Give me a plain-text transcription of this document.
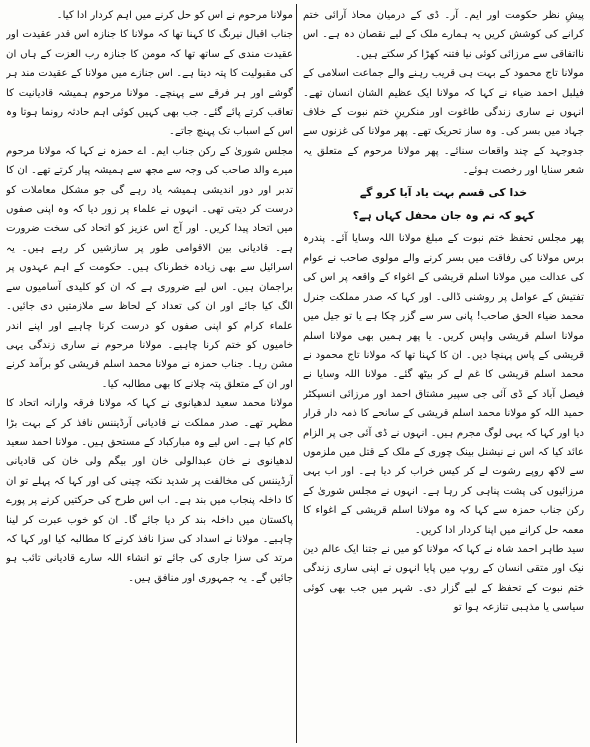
پیشِ نظر حکومت اور ایم۔ آر۔ ڈی کے درمیان محاذ آرائی ختم کرانے کی کوشش کریں یہ ہمارے ملک کے لیے نقصان دہ ہے۔ اس نااتفاقی سے مرزائی کوئی نیا فتنہ کھڑا کر سکتے ہیں۔

مولانا تاج محمود کے بہت ہی قریب رہنے والے جماعت اسلامی کے فیلبل احمد ضیاء نے کہا کہ مولانا ایک عظیم الشان انسان تھے۔ انہوں نے ساری زندگی طاغوت اور منکرینِ ختم نبوت کے خلاف جہاد میں بسر کی۔ وہ ساز تحریک تھے۔ پھر مولانا کی غزنوں سے جدوجہد کے چند واقعات سنائے۔ پھر مولانا مرحوم کے متعلق یہ شعر سنایا اور رخصت ہوئے۔

خدا کی قسم بہت یاد آیا کرو گے

کہو کہ تم وہ جان محفل کہاں ہے؟

پھر مجلس تحفظ ختم نبوت کے مبلغ مولانا اللہ وسایا آئے۔ پندرہ برس مولانا کی رفاقت میں بسر کرنے والے مولوی صاحب نے عوام کی عدالت میں مولانا اسلم قریشی کے اغواء کے واقعہ پر اس کی تفتیش کے عوامل پر روشنی ڈالی۔ اور کہا کہ صدر مملکت جنرل محمد ضیاء الحق صاحب! پانی سر سے گزر چکا ہے یا تو جیل میں مولانا اسلم قریشی واپس کریں۔ یا پھر ہمیں بھی مولانا اسلم قریشی کے پاس پہنچا دیں۔ ان کا کہنا تھا کہ مولانا تاج محمود نے محمد اسلم قریشی کا غم لے کر بیٹھ گئے۔ مولانا اللہ وسایا نے فیصل آباد کے ڈی آئی جی سپیر مشتاق احمد اور مرزائی انسپکٹر حمید اللہ کو مولانا محمد اسلم قریشی کے سانحے کا ذمہ دار قرار دیا اور کہا کہ یہی لوگ مجرم ہیں۔ انہوں نے ڈی آئی جی پر الزام عائد کیا کہ اس نے نیشنل بینک چوری کے ملک کے قتل میں ملزموں سے لاکھ روپے رشوت لے کر کیس خراب کر دیا ہے۔ اور اب یہی مرزائیوں کی پشت پناہی کر رہا ہے۔ انہوں نے مجلس شوریٰ کے رکن جناب حمزہ سے کہا کہ وہ مولانا اسلم قریشی کے اغواء کا معمہ حل کرانے میں اپنا کردار ادا کریں۔

سید طاہر احمد شاہ نے کہا کہ مولانا کو میں نے جتنا ایک عالم دین نیک اور متقی انسان کے روپ میں پایا انہوں نے اپنی ساری زندگی ختم نبوت کے تحفظ کے لیے گزار دی۔ شہر میں جب بھی کوئی سیاسی یا مذہبی تنازعہ ہوا تو

مولانا مرحوم نے اس کو حل کرنے میں اہم کردار ادا کیا۔

جناب اقبال نیرنگ کا کہنا تھا کہ مولانا کا جنازہ اس قدر عقیدت اور عقیدت مندی کے ساتھ تھا کہ مومن کا جنازہ رب العزت کے ہاں ان کی مقبولیت کا پتہ دیتا ہے۔ اس جنازے میں مولانا کے عقیدت مند ہر گوشے اور ہر فرقے سے پہنچے۔ مولانا مرحوم ہمیشہ قادیانیت کا تعاقب کرتے پائے گئے۔ جب بھی کہیں کوئی اہم حادثہ رونما ہوتا وہ اس کے اسباب تک پہنچ جاتے۔

مجلس شوریٰ کے رکن جناب ایم۔ اے حمزہ نے کہا کہ مولانا مرحوم میرے والد صاحب کی وجہ سے مجھ سے ہمیشہ پیار کرتے تھے۔ ان کا تدبر اور دور اندیشی ہمیشہ یاد رہے گی جو مشکل معاملات کو درست کر دیتی تھی۔ انہوں نے علماء پر زور دیا کہ وہ اپنی صفوں میں اتحاد پیدا کریں۔ اور آج اس عزیز کو اتحاد کی سخت ضرورت ہے۔ قادیانی بین الاقوامی طور پر سازشیں کر رہے ہیں۔ یہ اسرائیل سے بھی زیادہ خطرناک ہیں۔ حکومت کے اہم عہدوں پر براجمان ہیں۔ اس لیے ضروری ہے کہ ان کو کلیدی آسامیوں سے الگ کیا جائے اور ان کی تعداد کے لحاظ سے ملازمتیں دی جائیں۔ علماء کرام کو اپنی صفوں کو درست کرنا چاہیے اور اپنے اندر خامیوں کو ختم کرنا چاہیے۔ مولانا مرحوم نے ساری زندگی یہی مشن رہا۔ جناب حمزہ نے مولانا محمد اسلم قریشی کو برآمد کرنے اور ان کے متعلق پتہ چلانے کا بھی مطالبہ کیا۔

مولانا محمد سعید لدھیانوی نے کہا کہ مولانا فرقہ وارانہ اتحاد کا مظہر تھے۔ صدر مملکت نے قادیانی آرڈیننس نافذ کر کے بہت بڑا کام کیا ہے۔ اس لیے وہ مبارکباد کے مستحق ہیں۔ مولانا احمد سعید لدھیانوی نے خان عبدالولی خان اور بیگم ولی خان کی قادیانی آرڈیننس کی مخالفت پر شدید نکتہ چینی کی اور کہا کہ پہلے تو ان کا داخلہ پنجاب میں بند ہے۔ اب اس طرح کی حرکتیں کرنے پر پورے پاکستان میں داخلہ بند کر دیا جائے گا۔ ان کو خوب عبرت کر لینا چاہیے۔ مولانا نے اسداد کی سزا نافذ کرنے کا مطالبہ کیا اور کہا کہ مرتد کی سزا جاری کی جائے تو انشاء اللہ سارے قادیانی تائب ہو جائیں گے۔ یہ جمہوری اور منافق ہیں۔
